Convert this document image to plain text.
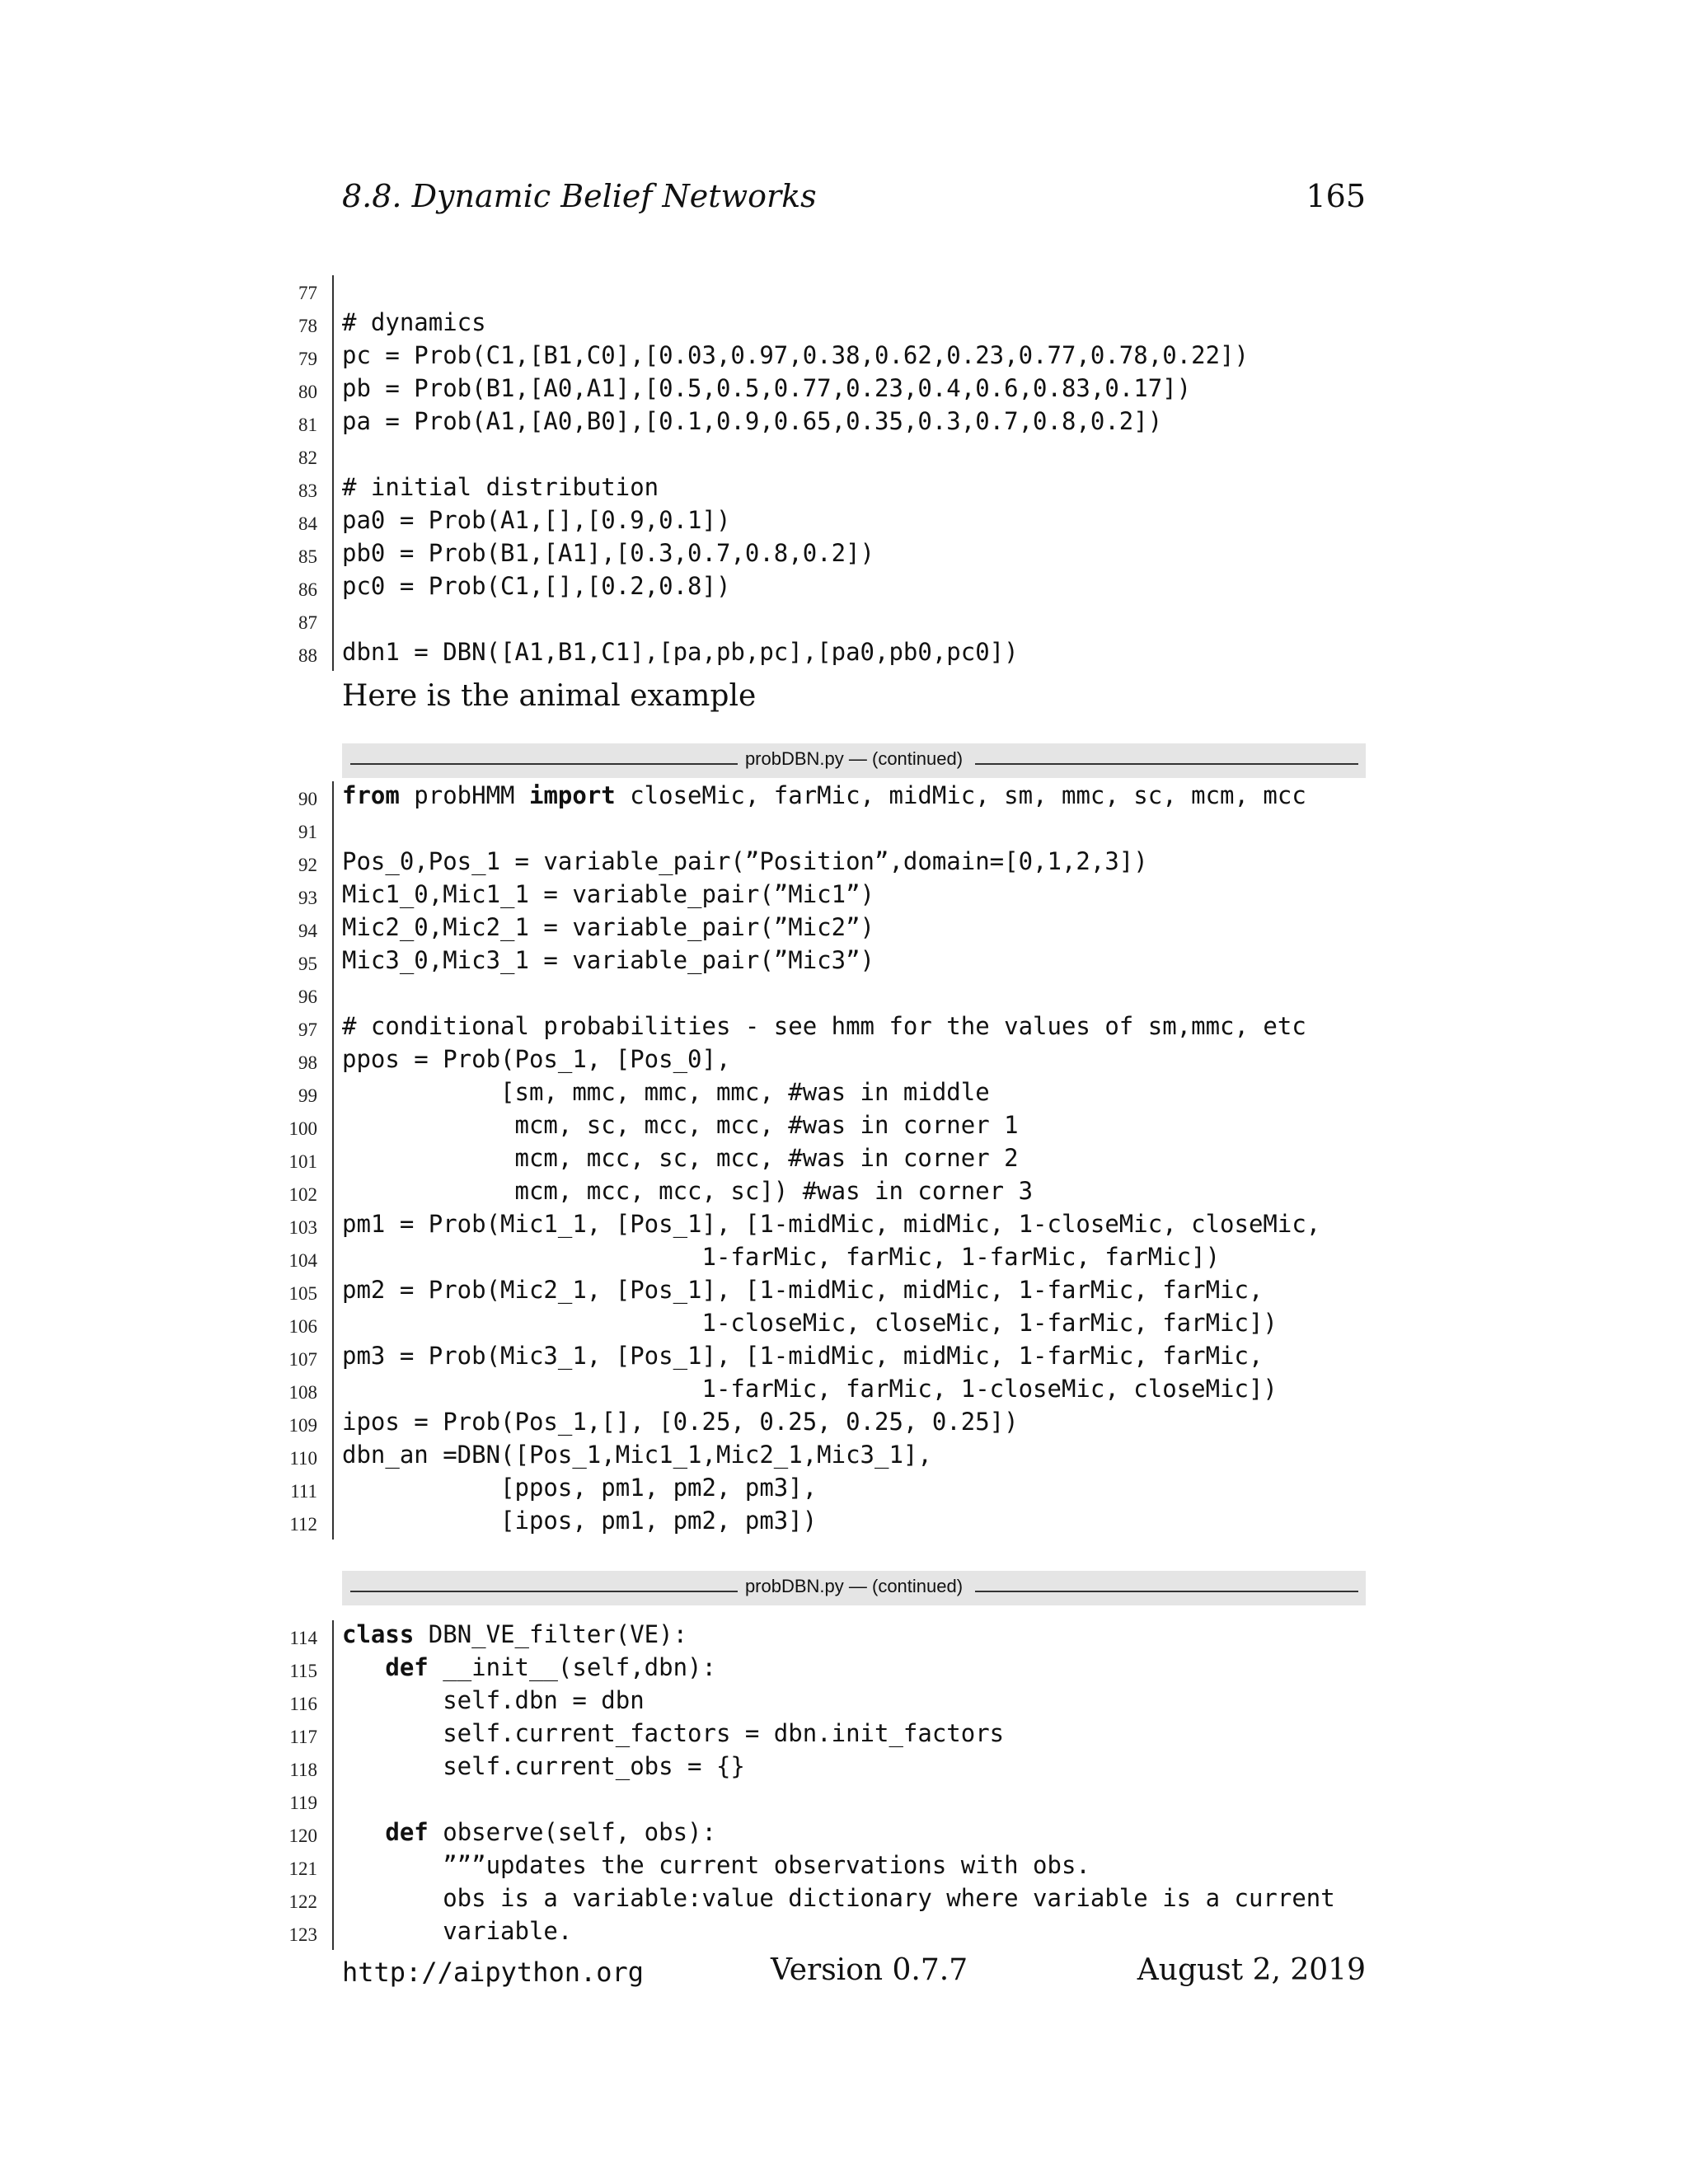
8.8. Dynamic Belief Networks	165
77
78 # dynamics
79 pc = Prob(C1,[B1,C0],[0.03,0.97,0.38,0.62,0.23,0.77,0.78,0.22])
80 pb = Prob(B1,[A0,A1],[0.5,0.5,0.77,0.23,0.4,0.6,0.83,0.17])
81 pa = Prob(A1,[A0,B0],[0.1,0.9,0.65,0.35,0.3,0.7,0.8,0.2])
82
83 # initial distribution
84 pa0 = Prob(A1,[],[0.9,0.1])
85 pb0 = Prob(B1,[A1],[0.3,0.7,0.8,0.2])
86 pc0 = Prob(C1,[],[0.2,0.8])
87
88 dbn1 = DBN([A1,B1,C1],[pa,pb,pc],[pa0,pb0,pc0])
Here is the animal example
probDBN.py — (continued)
90 from probHMM import closeMic, farMic, midMic, sm, mmc, sc, mcm, mcc
91
92 Pos_0,Pos_1 = variable_pair(”Position”,domain=[0,1,2,3])
93 Mic1_0,Mic1_1 = variable_pair(”Mic1”)
94 Mic2_0,Mic2_1 = variable_pair(”Mic2”)
95 Mic3_0,Mic3_1 = variable_pair(”Mic3”)
96
97 # conditional probabilities - see hmm for the values of sm,mmc, etc
98 ppos = Prob(Pos_1, [Pos_0],
99 [sm, mmc, mmc, mmc, #was in middle
100 mcm, sc, mcc, mcc, #was in corner 1
101 mcm, mcc, sc, mcc, #was in corner 2
102 mcm, mcc, mcc, sc]) #was in corner 3
103 pm1 = Prob(Mic1_1, [Pos_1], [1-midMic, midMic, 1-closeMic, closeMic,
104 1-farMic, farMic, 1-farMic, farMic])
105 pm2 = Prob(Mic2_1, [Pos_1], [1-midMic, midMic, 1-farMic, farMic,
106 1-closeMic, closeMic, 1-farMic, farMic])
107 pm3 = Prob(Mic3_1, [Pos_1], [1-midMic, midMic, 1-farMic, farMic,
108 1-farMic, farMic, 1-closeMic, closeMic])
109 ipos = Prob(Pos_1,[], [0.25, 0.25, 0.25, 0.25])
110 dbn_an =DBN([Pos_1,Mic1_1,Mic2_1,Mic3_1],
111 [ppos, pm1, pm2, pm3],
112 [ipos, pm1, pm2, pm3])
probDBN.py — (continued)
114 class DBN_VE_filter(VE):
115	def __init__(self,dbn):
116 self.dbn = dbn
117 self.current_factors = dbn.init_factors
118 self.current_obs = {}
119
120	def observe(self, obs):
121 ”””updates the current observations with obs.
122 obs is a variable:value dictionary where variable is a current
123 variable.
http://aipython.org	Version 0.7.7	August 2, 2019
